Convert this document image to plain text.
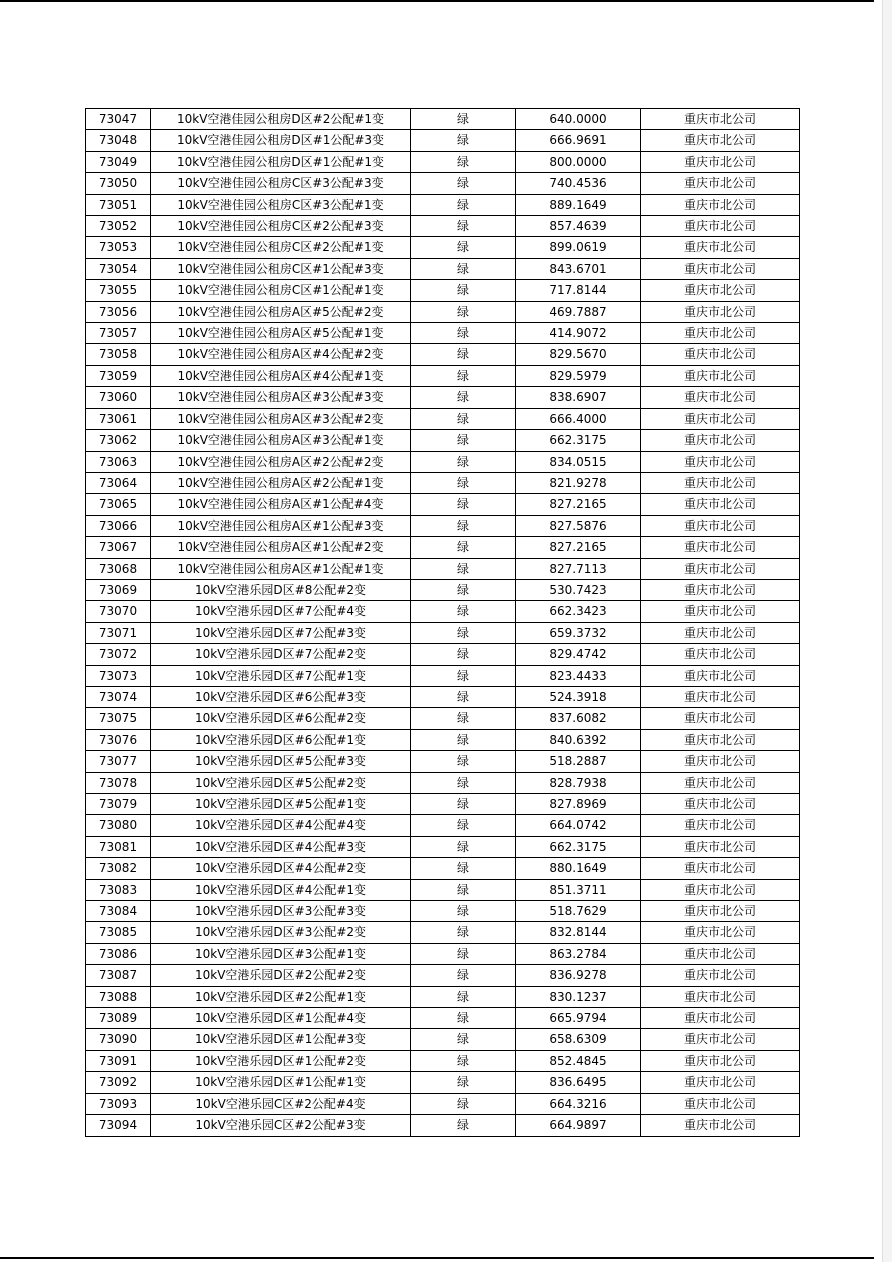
73047	10kV空港佳园公租房D区#2公配#1变	绿	640.0000	重庆市北公司
73048	10kV空港佳园公租房D区#1公配#3变	绿	666.9691	重庆市北公司
73049	10kV空港佳园公租房D区#1公配#1变	绿	800.0000	重庆市北公司
73050	10kV空港佳园公租房C区#3公配#3变	绿	740.4536	重庆市北公司
73051	10kV空港佳园公租房C区#3公配#1变	绿	889.1649	重庆市北公司
73052	10kV空港佳园公租房C区#2公配#3变	绿	857.4639	重庆市北公司
73053	10kV空港佳园公租房C区#2公配#1变	绿	899.0619	重庆市北公司
73054	10kV空港佳园公租房C区#1公配#3变	绿	843.6701	重庆市北公司
73055	10kV空港佳园公租房C区#1公配#1变	绿	717.8144	重庆市北公司
73056	10kV空港佳园公租房A区#5公配#2变	绿	469.7887	重庆市北公司
73057	10kV空港佳园公租房A区#5公配#1变	绿	414.9072	重庆市北公司
73058	10kV空港佳园公租房A区#4公配#2变	绿	829.5670	重庆市北公司
73059	10kV空港佳园公租房A区#4公配#1变	绿	829.5979	重庆市北公司
73060	10kV空港佳园公租房A区#3公配#3变	绿	838.6907	重庆市北公司
73061	10kV空港佳园公租房A区#3公配#2变	绿	666.4000	重庆市北公司
73062	10kV空港佳园公租房A区#3公配#1变	绿	662.3175	重庆市北公司
73063	10kV空港佳园公租房A区#2公配#2变	绿	834.0515	重庆市北公司
73064	10kV空港佳园公租房A区#2公配#1变	绿	821.9278	重庆市北公司
73065	10kV空港佳园公租房A区#1公配#4变	绿	827.2165	重庆市北公司
73066	10kV空港佳园公租房A区#1公配#3变	绿	827.5876	重庆市北公司
73067	10kV空港佳园公租房A区#1公配#2变	绿	827.2165	重庆市北公司
73068	10kV空港佳园公租房A区#1公配#1变	绿	827.7113	重庆市北公司
73069	10kV空港乐园D区#8公配#2变	绿	530.7423	重庆市北公司
73070	10kV空港乐园D区#7公配#4变	绿	662.3423	重庆市北公司
73071	10kV空港乐园D区#7公配#3变	绿	659.3732	重庆市北公司
73072	10kV空港乐园D区#7公配#2变	绿	829.4742	重庆市北公司
73073	10kV空港乐园D区#7公配#1变	绿	823.4433	重庆市北公司
73074	10kV空港乐园D区#6公配#3变	绿	524.3918	重庆市北公司
73075	10kV空港乐园D区#6公配#2变	绿	837.6082	重庆市北公司
73076	10kV空港乐园D区#6公配#1变	绿	840.6392	重庆市北公司
73077	10kV空港乐园D区#5公配#3变	绿	518.2887	重庆市北公司
73078	10kV空港乐园D区#5公配#2变	绿	828.7938	重庆市北公司
73079	10kV空港乐园D区#5公配#1变	绿	827.8969	重庆市北公司
73080	10kV空港乐园D区#4公配#4变	绿	664.0742	重庆市北公司
73081	10kV空港乐园D区#4公配#3变	绿	662.3175	重庆市北公司
73082	10kV空港乐园D区#4公配#2变	绿	880.1649	重庆市北公司
73083	10kV空港乐园D区#4公配#1变	绿	851.3711	重庆市北公司
73084	10kV空港乐园D区#3公配#3变	绿	518.7629	重庆市北公司
73085	10kV空港乐园D区#3公配#2变	绿	832.8144	重庆市北公司
73086	10kV空港乐园D区#3公配#1变	绿	863.2784	重庆市北公司
73087	10kV空港乐园D区#2公配#2变	绿	836.9278	重庆市北公司
73088	10kV空港乐园D区#2公配#1变	绿	830.1237	重庆市北公司
73089	10kV空港乐园D区#1公配#4变	绿	665.9794	重庆市北公司
73090	10kV空港乐园D区#1公配#3变	绿	658.6309	重庆市北公司
73091	10kV空港乐园D区#1公配#2变	绿	852.4845	重庆市北公司
73092	10kV空港乐园D区#1公配#1变	绿	836.6495	重庆市北公司
73093	10kV空港乐园C区#2公配#4变	绿	664.3216	重庆市北公司
73094	10kV空港乐园C区#2公配#3变	绿	664.9897	重庆市北公司
